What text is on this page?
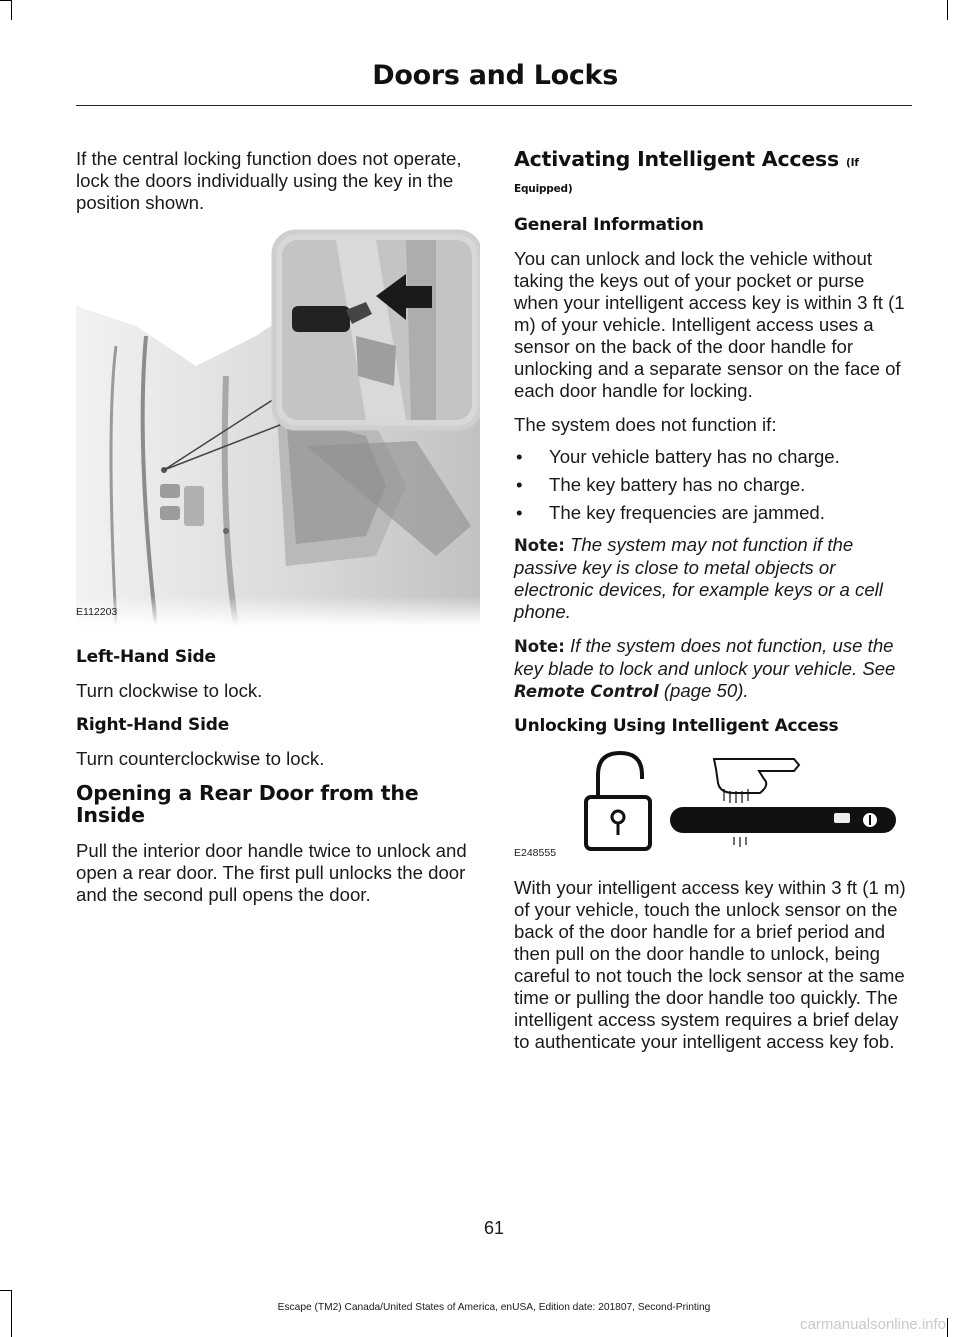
Doors and Locks

If the central locking function does not operate, lock the doors individually using the key in the position shown.

E112203
Left-Hand Side

Turn clockwise to lock.

Right-Hand Side

Turn counterclockwise to lock.

Opening a Rear Door from the Inside

Pull the interior door handle twice to unlock and open a rear door. The first pull unlocks the door and the second pull opens the door.

Activating Intelligent Access (If Equipped)
General Information

You can unlock and lock the vehicle without taking the keys out of your pocket or purse when your intelligent access key is within 3 ft (1 m) of your vehicle. Intelligent access uses a sensor on the back of the door handle for unlocking and a separate sensor on the face of each door handle for locking.

The system does not function if:

• Your vehicle battery has no charge.
• The key battery has no charge.
• The key frequencies are jammed.

Note: The system may not function if the passive key is close to metal objects or electronic devices, for example keys or a cell phone.

Note: If the system does not function, use the key blade to lock and unlock your vehicle. See Remote Control (page 50).

Unlocking Using Intelligent Access
E248555

With your intelligent access key within 3 ft (1 m) of your vehicle, touch the unlock sensor on the back of the door handle for a brief period and then pull on the door handle to unlock, being careful to not touch the lock sensor at the same time or pulling the door handle too quickly. The intelligent access system requires a brief delay to authenticate your intelligent access key fob.

61
Escape (TM2) Canada/United States of America, enUSA, Edition date: 201807, Second-Printing
carmanualsonline.info
